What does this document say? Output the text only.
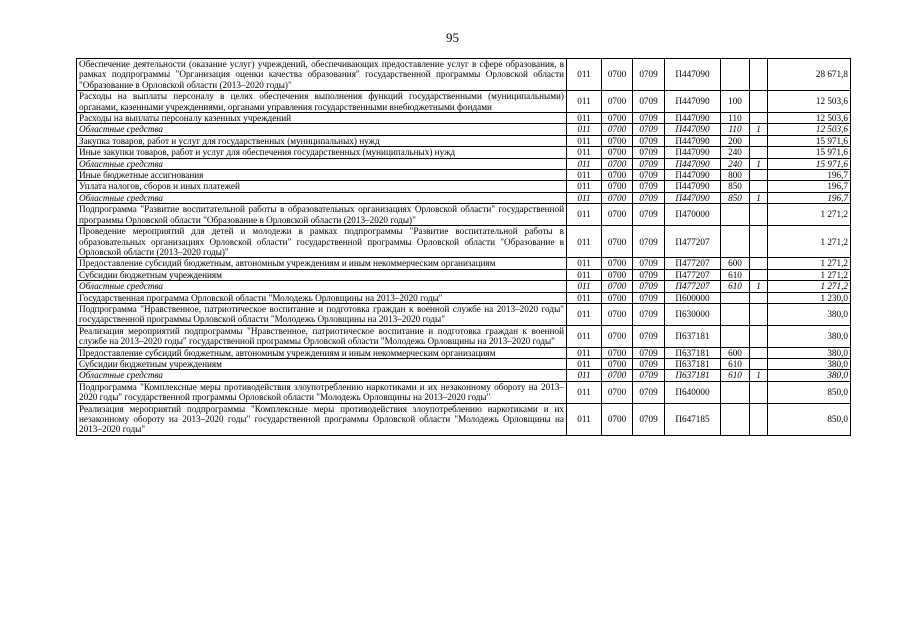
95
Обеспечение деятельности (оказание услуг) учреждений, обеспечивающих предоставление услуг в сфере образования, в рамках подпрограммы "Организация оценки качества образования" государственной программы Орловской области "Образование в Орловской области (2013–2020 годы)"	011	0700	0709	П447090			28 671,8
Расходы на выплаты персоналу в целях обеспечения выполнения функций государственными (муниципальными) органами, казенными учреждениями, органами управления государственными внебюджетными фондами	011	0700	0709	П447090	100		12 503,6
Расходы на выплаты персоналу казенных учреждений	011	0700	0709	П447090	110		12 503,6
Областные средства	011	0700	0709	П447090	110	1	12 503,6
Закупка товаров, работ и услуг для государственных (муниципальных) нужд	011	0700	0709	П447090	200		15 971,6
Иные закупки товаров, работ и услуг для обеспечения государственных (муниципальных) нужд	011	0700	0709	П447090	240		15 971,6
Областные средства	011	0700	0709	П447090	240	1	15 971,6
Иные бюджетные ассигнования	011	0700	0709	П447090	800		196,7
Уплата налогов, сборов и иных платежей	011	0700	0709	П447090	850		196,7
Областные средства	011	0700	0709	П447090	850	1	196,7
Подпрограмма "Развитие воспитательной работы в образовательных организациях Орловской области" государственной программы Орловской области "Образование в Орловской области (2013–2020 годы)"	011	0700	0709	П470000			1 271,2
Проведение мероприятий для детей и молодежи в рамках подпрограммы "Развитие воспитательной работы в образовательных организациях Орловской области" государственной программы Орловской области "Образование в Орловской области (2013–2020 годы)"	011	0700	0709	П477207			1 271,2
Предоставление субсидий бюджетным, автономным учреждениям и иным некоммерческим организациям	011	0700	0709	П477207	600		1 271,2
Субсидии бюджетным учреждениям	011	0700	0709	П477207	610		1 271,2
Областные средства	011	0700	0709	П477207	610	1	1 271,2
Государственная программа Орловской области "Молодежь Орловщины на 2013–2020 годы"	011	0700	0709	П600000			1 230,0
Подпрограмма "Нравственное, патриотическое воспитание и подготовка граждан к военной службе на 2013–2020 годы" государственной программы Орловской области "Молодежь Орловщины на 2013–2020 годы"	011	0700	0709	П630000			380,0
Реализация мероприятий подпрограммы "Нравственное, патриотическое воспитание и подготовка граждан к военной службе на 2013–2020 годы" государственной программы Орловской области "Молодежь Орловщины на 2013–2020 годы"	011	0700	0709	П637181			380,0
Предоставление субсидий бюджетным, автономным учреждениям и иным некоммерческим организациям	011	0700	0709	П637181	600		380,0
Субсидии бюджетным учреждениям	011	0700	0709	П637181	610		380,0
Областные средства	011	0700	0709	П637181	610	1	380,0
Подпрограмма "Комплексные меры противодействия злоупотреблению наркотиками и их незаконному обороту на 2013–2020 годы" государственной программы Орловской области "Молодежь Орловщины на 2013–2020 годы"	011	0700	0709	П640000			850,0
Реализация мероприятий подпрограммы "Комплексные меры противодействия злоупотреблению наркотиками и их незаконному обороту на 2013–2020 годы" государственной программы Орловской области "Молодежь Орловщины на 2013–2020 годы"	011	0700	0709	П647185			850,0
